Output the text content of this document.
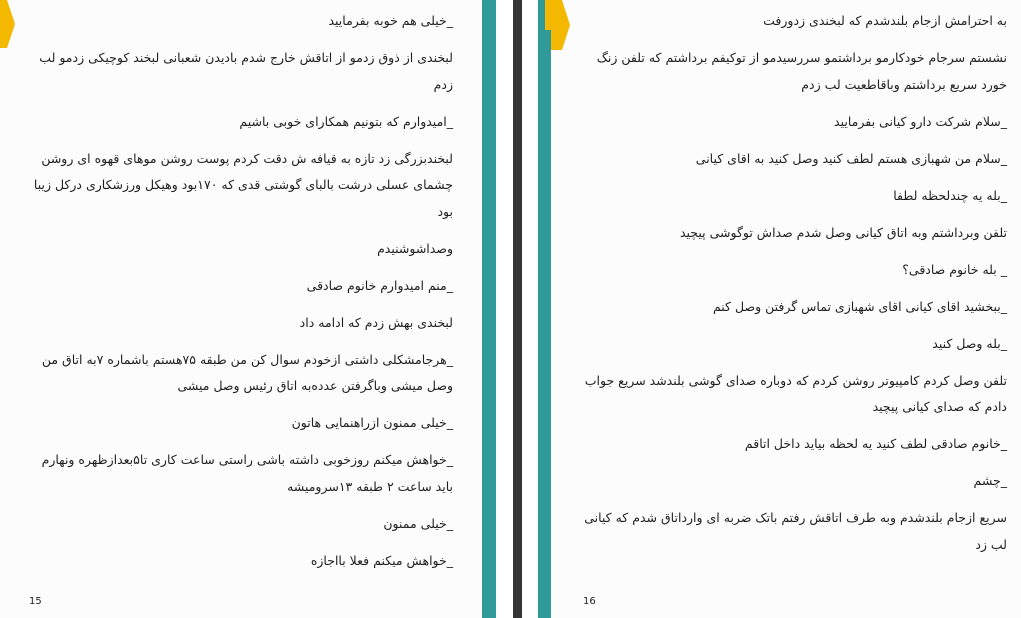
_خیلی هم خوبه بفرمایید

لبخندی از ذوق زدمو از اتاقش خارج شدم بادیدن شعبانی لبخند کوچیکی زدمو لب زدم

_امیدوارم که بتونیم همکارای خوبی باشیم

لبخندبزرگی زد تازه به قیافه ش دقت کردم پوست روشن موهای قهوه ای روشن چشمای عسلی درشت بالبای گوشتی قدی که ۱۷۰بود وهیکل ورزشکاری درکل زیبا بود

وصداشوشنیدم

_منم امیدوارم خانوم صادقی

لبخندی بهش زدم که ادامه داد

_هرجامشکلی داشتی ازخودم سوال کن من طبقه ۷۵هستم باشماره ۷به اتاق من وصل میشی وباگرفتن عدده‌به اتاق رئیس وصل میشی

_خیلی ممنون ازراهنمایی هاتون

_خواهش میکنم روزخوبی داشته باشی راستی ساعت کاری تا۵بعدازظهره ونهارم باید ساعت ۲ طبقه ۱۳سرومیشه

_خیلی ممنون

_خواهش میکنم فعلا بااجازه

15

به احترامش ازجام بلندشدم که لبخندی زدورفت

نشستم سرجام خودکارمو برداشتمو سررسیدمو از توکیفم برداشتم که تلفن زنگ خورد سریع برداشتم وباقاطعیت لب زدم

_سلام شرکت دارو کیانی بفرمایید

_سلام من شهبازی هستم لطف کنید وصل کنید به اقای کیانی

_بله یه چندلحظه لطفا

تلفن وبرداشتم وبه اتاق کیانی وصل شدم صداش توگوشی پیچید

_ بله خانوم صادقی؟

_ببخشید اقای کیانی اقای شهبازی تماس گرفتن وصل کنم

_بله وصل کنید

تلفن وصل کردم کامپیوتر روشن کردم که دوباره صدای گوشی بلندشد سریع جواب دادم که صدای کیانی پیچید

_خانوم صادقی لطف کنید یه لحظه بیاید داخل اتاقم

_چشم

سریع ازجام بلندشدم وبه طرف اتاقش رفتم باتک ضربه ای وارداتاق شدم که کیانی لب زد

16
